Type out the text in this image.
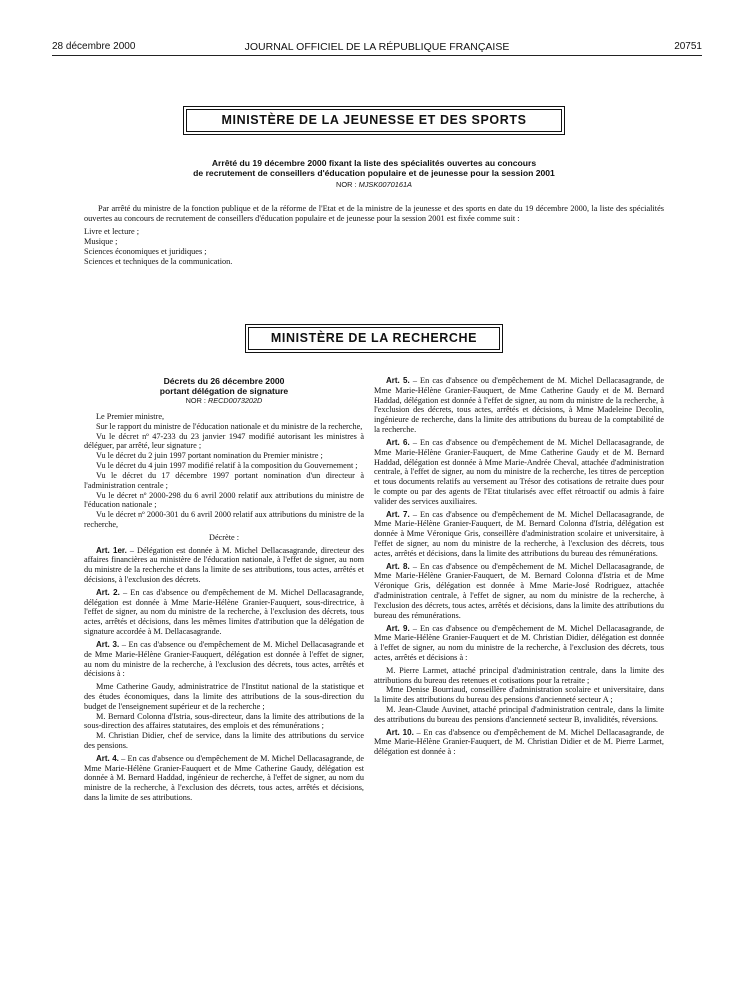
28 décembre 2000	JOURNAL OFFICIEL DE LA RÉPUBLIQUE FRANÇAISE	20751
MINISTÈRE DE LA JEUNESSE ET DES SPORTS
Arrêté du 19 décembre 2000 fixant la liste des spécialités ouvertes au concours
de recrutement de conseillers d'éducation populaire et de jeunesse pour la session 2001
NOR : MJSK0070161A

Par arrêté du ministre de la fonction publique et de la réforme de l'Etat et de la ministre de la jeunesse et des sports en date du 19 décembre 2000, la liste des spécialités ouvertes au concours de recrutement de conseillers d'éducation populaire et de jeunesse pour la session 2001 est fixée comme suit :

Livre et lecture ;

Musique ;

Sciences économiques et juridiques ;

Sciences et techniques de la communication.

MINISTÈRE DE LA RECHERCHE

Décrets du 26 décembre 2000

portant délégation de signature

NOR : RECD0073202D

Le Premier ministre,

Sur le rapport du ministre de l'éducation nationale et du ministre de la recherche,

Vu le décret nº 47-233 du 23 janvier 1947 modifié autorisant les ministres à déléguer, par arrêté, leur signature ;

Vu le décret du 2 juin 1997 portant nomination du Premier ministre ;

Vu le décret du 4 juin 1997 modifié relatif à la composition du Gouvernement ;

Vu le décret du 17 décembre 1997 portant nomination d'un directeur à l'administration centrale ;

Vu le décret nº 2000-298 du 6 avril 2000 relatif aux attributions du ministre de l'éducation nationale ;

Vu le décret nº 2000-301 du 6 avril 2000 relatif aux attributions du ministre de la recherche,

Décrète :

Art. 1er. – Délégation est donnée à M. Michel Dellacasagrande, directeur des affaires financières au ministère de l'éducation nationale, à l'effet de signer, au nom du ministre de la recherche et dans la limite de ses attributions, tous actes, arrêtés et décisions, à l'exclusion des décrets.

Art. 2. – En cas d'absence ou d'empêchement de M. Michel Dellacasagrande, délégation est donnée à Mme Marie-Hélène Granier-Fauquert, sous-directrice, à l'effet de signer, au nom du ministre de la recherche, à l'exclusion des décrets, tous actes, arrêtés et décisions, dans les mêmes limites d'attribution que la délégation de signature accordée à M. Dellacasagrande.

Art. 3. – En cas d'absence ou d'empêchement de M. Michel Dellacasagrande et de Mme Marie-Hélène Granier-Fauquert, délégation est donnée à l'effet de signer, au nom du ministre de la recherche, à l'exclusion des décrets, tous actes, arrêtés et décisions à :

Mme Catherine Gaudy, administratrice de l'Institut national de la statistique et des études économiques, dans la limite des attributions de la sous-direction du budget de l'enseignement supérieur et de la recherche ;

M. Bernard Colonna d'Istria, sous-directeur, dans la limite des attributions de la sous-direction des affaires statutaires, des emplois et des rémunérations ;

M. Christian Didier, chef de service, dans la limite des attributions du service des pensions.

Art. 4. – En cas d'absence ou d'empêchement de M. Michel Dellacasagrande, de Mme Marie-Hélène Granier-Fauquert et de Mme Catherine Gaudy, délégation est donnée à M. Bernard Haddad, ingénieur de recherche, à l'effet de signer, au nom du ministre de la recherche, à l'exclusion des décrets, tous actes, arrêtés et décisions, dans la limite de ses attributions.

Art. 5. – En cas d'absence ou d'empêchement de M. Michel Dellacasagrande, de Mme Marie-Hélène Granier-Fauquert, de Mme Catherine Gaudy et de M. Bernard Haddad, délégation est donnée à l'effet de signer, au nom du ministre de la recherche, à l'exclusion des décrets, tous actes, arrêtés et décisions, à Mme Madeleine Decolin, ingénieure de recherche, dans la limite des attributions du bureau de la comptabilité de la recherche.

Art. 6. – En cas d'absence ou d'empêchement de M. Michel Dellacasagrande, de Mme Marie-Hélène Granier-Fauquert, de Mme Catherine Gaudy et de M. Bernard Haddad, délégation est donnée à Mme Marie-Andrée Cheval, attachée d'administration centrale, à l'effet de signer, au nom du ministre de la recherche, les titres de perception et tous documents relatifs au versement au Trésor des cotisations de retraite dues pour le compte ou par des agents de l'Etat titularisés avec effet rétroactif ou admis à faire valider des services auxiliaires.

Art. 7. – En cas d'absence ou d'empêchement de M. Michel Dellacasagrande, de Mme Marie-Hélène Granier-Fauquert, de M. Bernard Colonna d'Istria, délégation est donnée à Mme Véronique Gris, conseillère d'administration scolaire et universitaire, à l'effet de signer, au nom du ministre de la recherche, à l'exclusion des décrets, tous actes, arrêtés et décisions, dans la limite des attributions du bureau des rémunérations.

Art. 8. – En cas d'absence ou d'empêchement de M. Michel Dellacasagrande, de Mme Marie-Hélène Granier-Fauquert, de M. Bernard Colonna d'Istria et de Mme Véronique Gris, délégation est donnée à Mme Marie-José Rodriguez, attachée d'administration centrale, à l'effet de signer, au nom du ministre de la recherche, à l'exclusion des décrets, tous actes, arrêtés et décisions, dans la limite des attributions du bureau des rémunérations.

Art. 9. – En cas d'absence ou d'empêchement de M. Michel Dellacasagrande, de Mme Marie-Hélène Granier-Fauquert et de M. Christian Didier, délégation est donnée à l'effet de signer, au nom du ministre de la recherche, à l'exclusion des décrets, tous actes, arrêtés et décisions à :

M. Pierre Larmet, attaché principal d'administration centrale, dans la limite des attributions du bureau des retenues et cotisations pour la retraite ;

Mme Denise Bourriaud, conseillère d'administration scolaire et universitaire, dans la limite des attributions du bureau des pensions d'ancienneté secteur A ;

M. Jean-Claude Auvinet, attaché principal d'administration centrale, dans la limite des attributions du bureau des pensions d'ancienneté secteur B, invalidités, réversions.

Art. 10. – En cas d'absence ou d'empêchement de M. Michel Dellacasagrande, de Mme Marie-Hélène Granier-Fauquert, de M. Christian Didier et de M. Pierre Larmet, délégation est donnée à :
